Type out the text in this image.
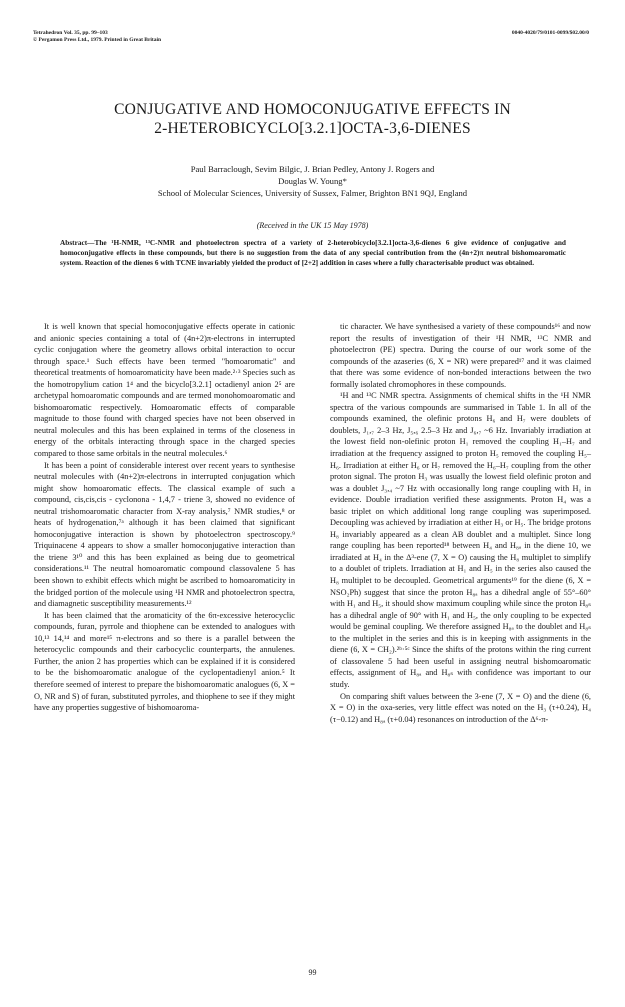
Tetrahedron Vol. 35, pp. 99–103
© Pergamon Press Ltd., 1979. Printed in Great Britain
0040-4020/79/0101-0099/$02.00/0
CONJUGATIVE AND HOMOCONJUGATIVE EFFECTS IN
2-HETEROBICYCLO[3.2.1]OCTA-3,6-DIENES
Paul Barraclough, Sevim Bilgic, J. Brian Pedley, Antony J. Rogers and
Douglas W. Young*
School of Molecular Sciences, University of Sussex, Falmer, Brighton BN1 9QJ, England
(Received in the UK 15 May 1978)
Abstract—The ¹H-NMR, ¹³C-NMR and photoelectron spectra of a variety of 2-heterobicyclo[3.2.1]octa-3,6-dienes 6 give evidence of conjugative and homoconjugative effects in these compounds, but there is no suggestion from the data of any special contribution from the (4n+2)π neutral bishomoaromatic system. Reaction of the dienes 6 with TCNE invariably yielded the product of [2+2] addition in cases where a fully characterisable product was obtained.

It is well known that special homoconjugative effects operate in cationic and anionic species containing a total of (4n+2)π-electrons in interrupted cyclic conjugation where the geometry allows orbital interaction to occur through space.¹ Such effects have been termed "homoaromatic" and theoretical treatments of homoaromaticity have been made.²·³ Species such as the homotropylium cation 1⁴ and the bicyclo[3.2.1] octadienyl anion 2⁵ are archetypal homoaromatic compounds and are termed monohomoaromatic and bishomoaromatic respectively. Homoaromatic effects of comparable magnitude to those found with charged species have not been observed in neutral molecules and this has been explained in terms of the closeness in energy of the orbitals interacting through space in the charged species compared to those same orbitals in the neutral molecules.⁶

It has been a point of considerable interest over recent years to synthesise neutral molecules with (4n+2)π-electrons in interrupted conjugation which might show homoaromatic effects. The classical example of such a compound, cis,cis,cis - cyclonona - 1,4,7 - triene 3, showed no evidence of neutral trishomoaromatic character from X-ray analysis,⁷ NMR studies,⁸ or heats of hydrogenation,⁷ᵃ although it has been claimed that significant homoconjugative interaction is shown by photoelectron spectroscopy.⁹ Triquinacene 4 appears to show a smaller homoconjugative interaction than the triene 3¹⁰ and this has been explained as being due to geometrical considerations.¹¹ The neutral homoaromatic compound classovalene 5 has been shown to exhibit effects which might be ascribed to homoaromaticity in the bridged portion of the molecule using ¹H NMR and photoelectron spectra, and diamagnetic susceptibility measurements.¹²

It has been claimed that the aromaticity of the 6π-excessive heterocyclic compounds, furan, pyrrole and thiophene can be extended to analogues with 10,¹³ 14,¹⁴ and more¹⁵ π-electrons and so there is a parallel between the heterocyclic compounds and their carbocyclic counterparts, the annulenes. Further, the anion 2 has properties which can be explained if it is considered to be the bishomoaromatic analogue of the cyclopentadienyl anion.⁵ It therefore seemed of interest to prepare the bishomoaromatic analogues (6, X = O, NR and S) of furan, substituted pyrroles, and thiophene to see if they might have any properties suggestive of bishomoaroma-

tic character. We have synthesised a variety of these compounds¹⁶ and now report the results of investigation of their ¹H NMR, ¹³C NMR and photoelectron (PE) spectra. During the course of our work some of the compounds of the azaseries (6, X = NR) were prepared¹⁷ and it was claimed that there was some evidence of non-bonded interactions between the two formally isolated chromophores in these compounds.

¹H and ¹³C NMR spectra. Assignments of chemical shifts in the ¹H NMR spectra of the various compounds are summarised in Table 1. In all of the compounds examined, the olefinic protons H₆ and H₇ were doublets of doublets, J₁,₇ 2–3 Hz, J₅,₆ 2.5–3 Hz and J₆,₇ ~6 Hz. Invariably irradiation at the lowest field non-olefinic proton H₁ removed the coupling H₁–H₇ and irradiation at the frequency assigned to proton H₅ removed the coupling H₅–H₆. Irradiation at either H₆ or H₇ removed the H₆–H₇ coupling from the other proton signal. The proton H₃ was usually the lowest field olefinic proton and was a doublet J₃,₄ ~7 Hz with occasionally long range coupling with H₁ in evidence. Double irradiation verified these assignments. Proton H₄ was a basic triplet on which additional long range coupling was superimposed. Decoupling was achieved by irradiation at either H₃ or H₅. The bridge protons H₈ invariably appeared as a clean AB doublet and a multiplet. Since long range coupling has been reported¹⁸ between H₄ and H₈ₐ in the diene 10, we irradiated at H₄ in the Δ³-ene (7, X = O) causing the H₈ multiplet to simplify to a doublet of triplets. Irradiation at H₁ and H₅ in the series also caused the H₈ multiplet to be decoupled. Geometrical arguments¹⁹ for the diene (6, X = NSO₂Ph) suggest that since the proton H₈ₐ has a dihedral angle of 55°–60° with H₁ and H₅, it should show maximum coupling while since the proton H₈ₛ has a dihedral angle of 90° with H₁ and H₅, the only coupling to be expected would be geminal coupling. We therefore assigned H₈ₐ to the doublet and H₈ₛ to the multiplet in the series and this is in keeping with assignments in the diene (6, X = CH₂).²ᵇ·⁵ᶜ Since the shifts of the protons within the ring current of classovalene 5 had been useful in assigning neutral bishomoaromatic effects, assignment of H₈ₐ and H₈ₛ with confidence was important to our study.

On comparing shift values between the 3-ene (7, X = O) and the diene (6, X = O) in the oxa-series, very little effect was noted on the H₃ (τ+0.24), H₄ (τ−0.12) and H₈ₐ (τ+0.04) resonances on introduction of the Δ⁶-π-

99
